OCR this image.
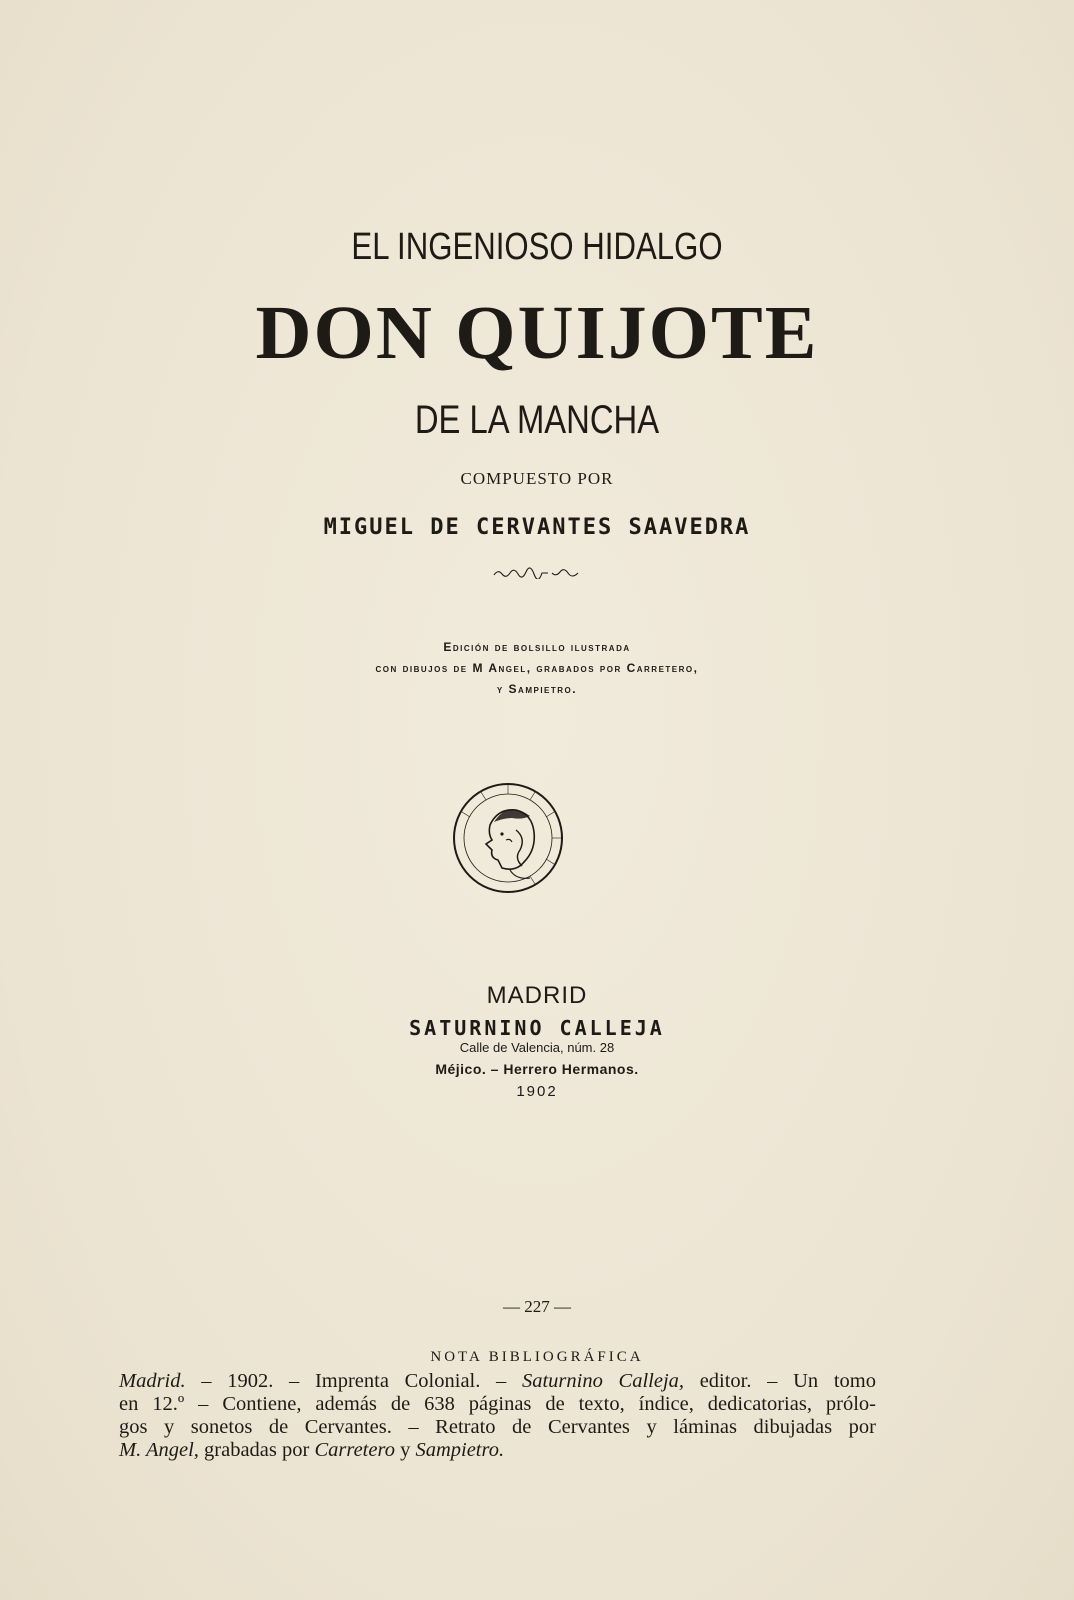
EL INGENIOSO HIDALGO
DON QUIJOTE
DE LA MANCHA
COMPUESTO POR
MIGUEL DE CERVANTES SAAVEDRA
Edición de bolsillo ilustrada
con dibujos de M Angel, grabados por Carretero,
y Sampietro.
MADRID
SATURNINO CALLEJA
Calle de Valencia, núm. 28
Méjico. – Herrero Hermanos.
1902
— 227 —
NOTA BIBLIOGRÁFICA
Madrid. – 1902. – Imprenta Colonial. – Saturnino Calleja, editor. – Un tomo
en 12.º – Contiene, además de 638 páginas de texto, índice, dedicatorias, prólo-
gos y sonetos de Cervantes. – Retrato de Cervantes y láminas dibujadas por
M. Angel, grabadas por Carretero y Sampietro.
